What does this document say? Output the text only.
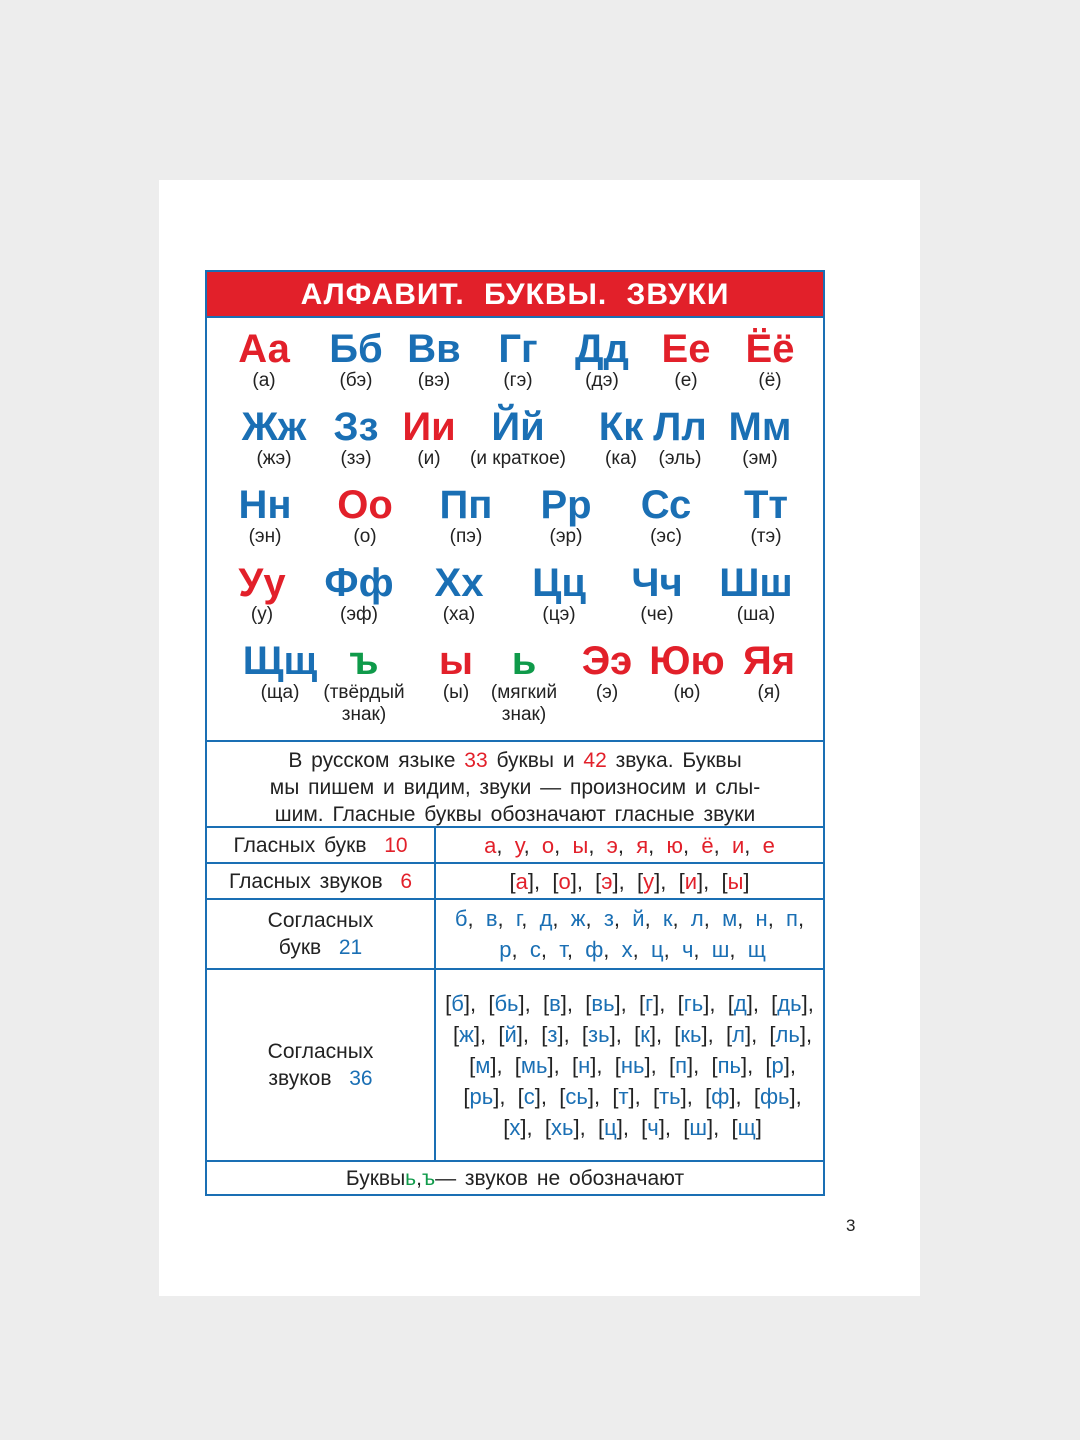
АЛФАВИТ. БУКВЫ. ЗВУКИ
Аа
(а)
Бб
(бэ)
Вв
(вэ)
Гг
(гэ)
Дд
(дэ)
Ее
(е)
Ёё
(ё)
Жж
(жэ)
Зз
(зэ)
Ии
(и)
Йй
(и краткое)
Кк
(ка)
Лл
(эль)
Мм
(эм)
Нн
(эн)
Оо
(о)
Пп
(пэ)
Рр
(эр)
Сс
(эс)
Тт
(тэ)
Уу
(у)
Фф
(эф)
Хх
(ха)
Цц
(цэ)
Чч
(че)
Шш
(ша)
Щщ
(ща)
ъ
(твёрдый знак)
ы
(ы)
ь
(мягкий знак)
Ээ
(э)
Юю
(ю)
Яя
(я)
В русском языке 33 буквы и 42 звука. Буквы
мы пишем и видим, звуки — произносим и слы-
шим. Гласные буквы обозначают гласные звуки
Гласных букв
10	а,  у,  о,  ы,  э,  я,  ю,  ё,  и,  е
Гласных звуков
6	[а],  [о],  [э],  [у],  [и],  [ы]
Согласных
букв 21
б,  в,  г,  д,  ж,  з,  й,  к,  л,  м,  н,  п,  р,  с,  т,  ф,  х,  ц,  ч,  ш,  щ
Согласных
звуков 36
[б],  [бь],  [в],  [вь],  [г],  [гь],  [д],  [дь],  [ж],  [й],  [з],  [зь],  [к],  [кь],  [л],  [ль],  [м],  [мь],  [н],  [нь],  [п],  [пь],  [р],  [рь],  [с],  [сь],  [т],  [ть],  [ф],  [фь],  [х],  [хь],  [ц],  [ч],  [ш],  [щ]
Буквы ь , ъ — звуков не обозначают
3
